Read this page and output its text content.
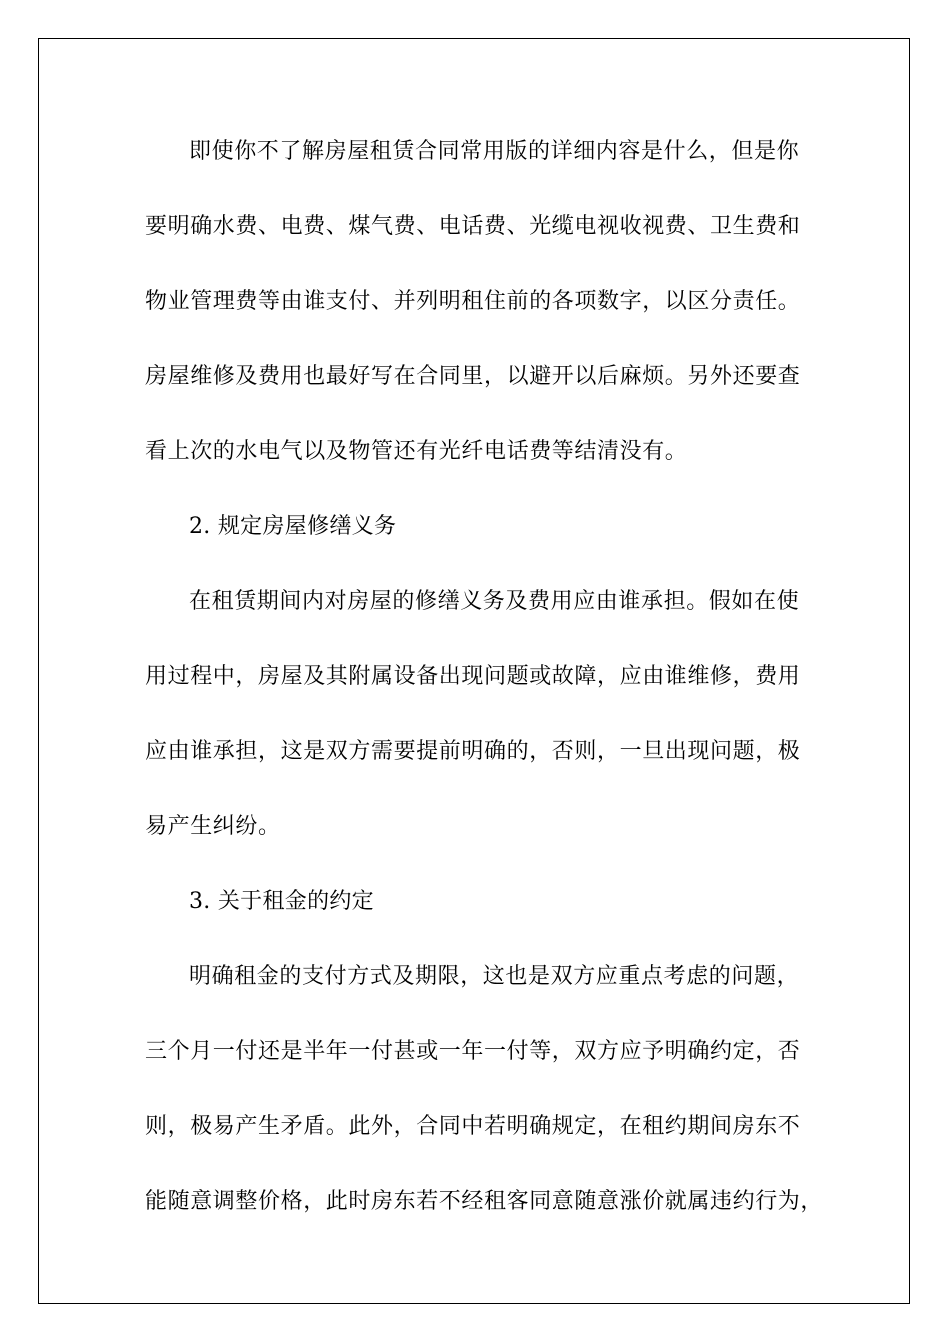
即使你不了解房屋租赁合同常用版的详细内容是什么，但是你
要明确水费、电费、煤气费、电话费、光缆电视收视费、卫生费和
物业管理费等由谁支付、并列明租住前的各项数字，以区分责任。
房屋维修及费用也最好写在合同里，以避开以后麻烦。另外还要查
看上次的水电气以及物管还有光纤电话费等结清没有。
2. 规定房屋修缮义务
在租赁期间内对房屋的修缮义务及费用应由谁承担。假如在使
用过程中，房屋及其附属设备出现问题或故障，应由谁维修，费用
应由谁承担，这是双方需要提前明确的，否则，一旦出现问题，极
易产生纠纷。
3. 关于租金的约定
明确租金的支付方式及期限，这也是双方应重点考虑的问题，
三个月一付还是半年一付甚或一年一付等，双方应予明确约定，否
则，极易产生矛盾。此外，合同中若明确规定，在租约期间房东不
能随意调整价格，此时房东若不经租客同意随意涨价就属违约行为，
